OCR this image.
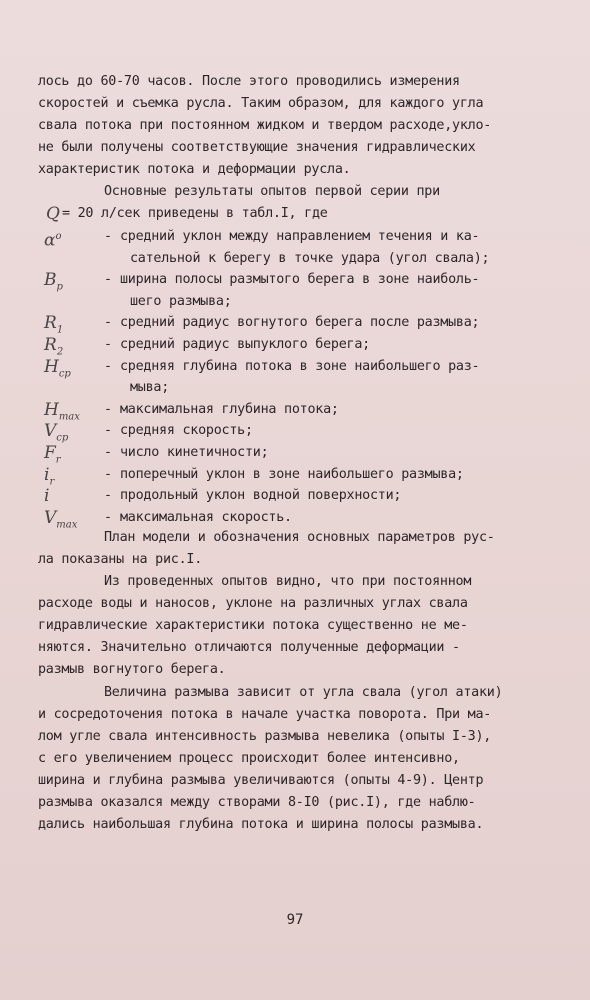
лось до 60-70 часов. После этого проводились измерения
скоростей и съемка русла. Таким образом, для каждого угла
свала потока при постоянном жидком и твердом расходе,укло-
не были получены соответствующие значения гидравлических
характеристик потока и деформации русла.
Основные результаты опытов первой серии при
Q = 20 л/сек приведены в табл.I, где
$\alpha^o$	- средний уклон между направлением течения и ка-
сательной к берегу в точке удара (угол свала);
$B_p$	- ширина полосы размытого берега в зоне наиболь-
шего размыва;
$R_1$	- средний радиус вогнутого берега после размыва;
$R_2$	- средний радиус выпуклого берега;
$H_{cp}$	- средняя глубина потока в зоне наибольшего раз-
мыва;
$H_{max}$	- максимальная глубина потока;
$V_{cp}$	- средняя скорость;
$F_r$	- число кинетичности;
$i_r$	- поперечный уклон в зоне наибольшего размыва;
i	- продольный уклон водной поверхности;
$V_{max}$	- максимальная скорость.
План модели и обозначения основных параметров рус-
ла показаны на рис.I.
Из проведенных опытов видно, что при постоянном
расходе воды и наносов, уклоне на различных углах свала
гидравлические характеристики потока существенно не ме-
няются. Значительно отличаются полученные деформации -
размыв вогнутого берега.
Величина размыва зависит от угла свала (угол атаки)
и сосредоточения потока в начале участка поворота. При ма-
лом угле свала интенсивность размыва невелика (опыты I-3),
с его увеличением процесс происходит более интенсивно,
ширина и глубина размыва увеличиваются (опыты 4-9). Центр
размыва оказался между створами 8-I0 (рис.I), где наблю-
дались наибольшая глубина потока и ширина полосы размыва.
97
